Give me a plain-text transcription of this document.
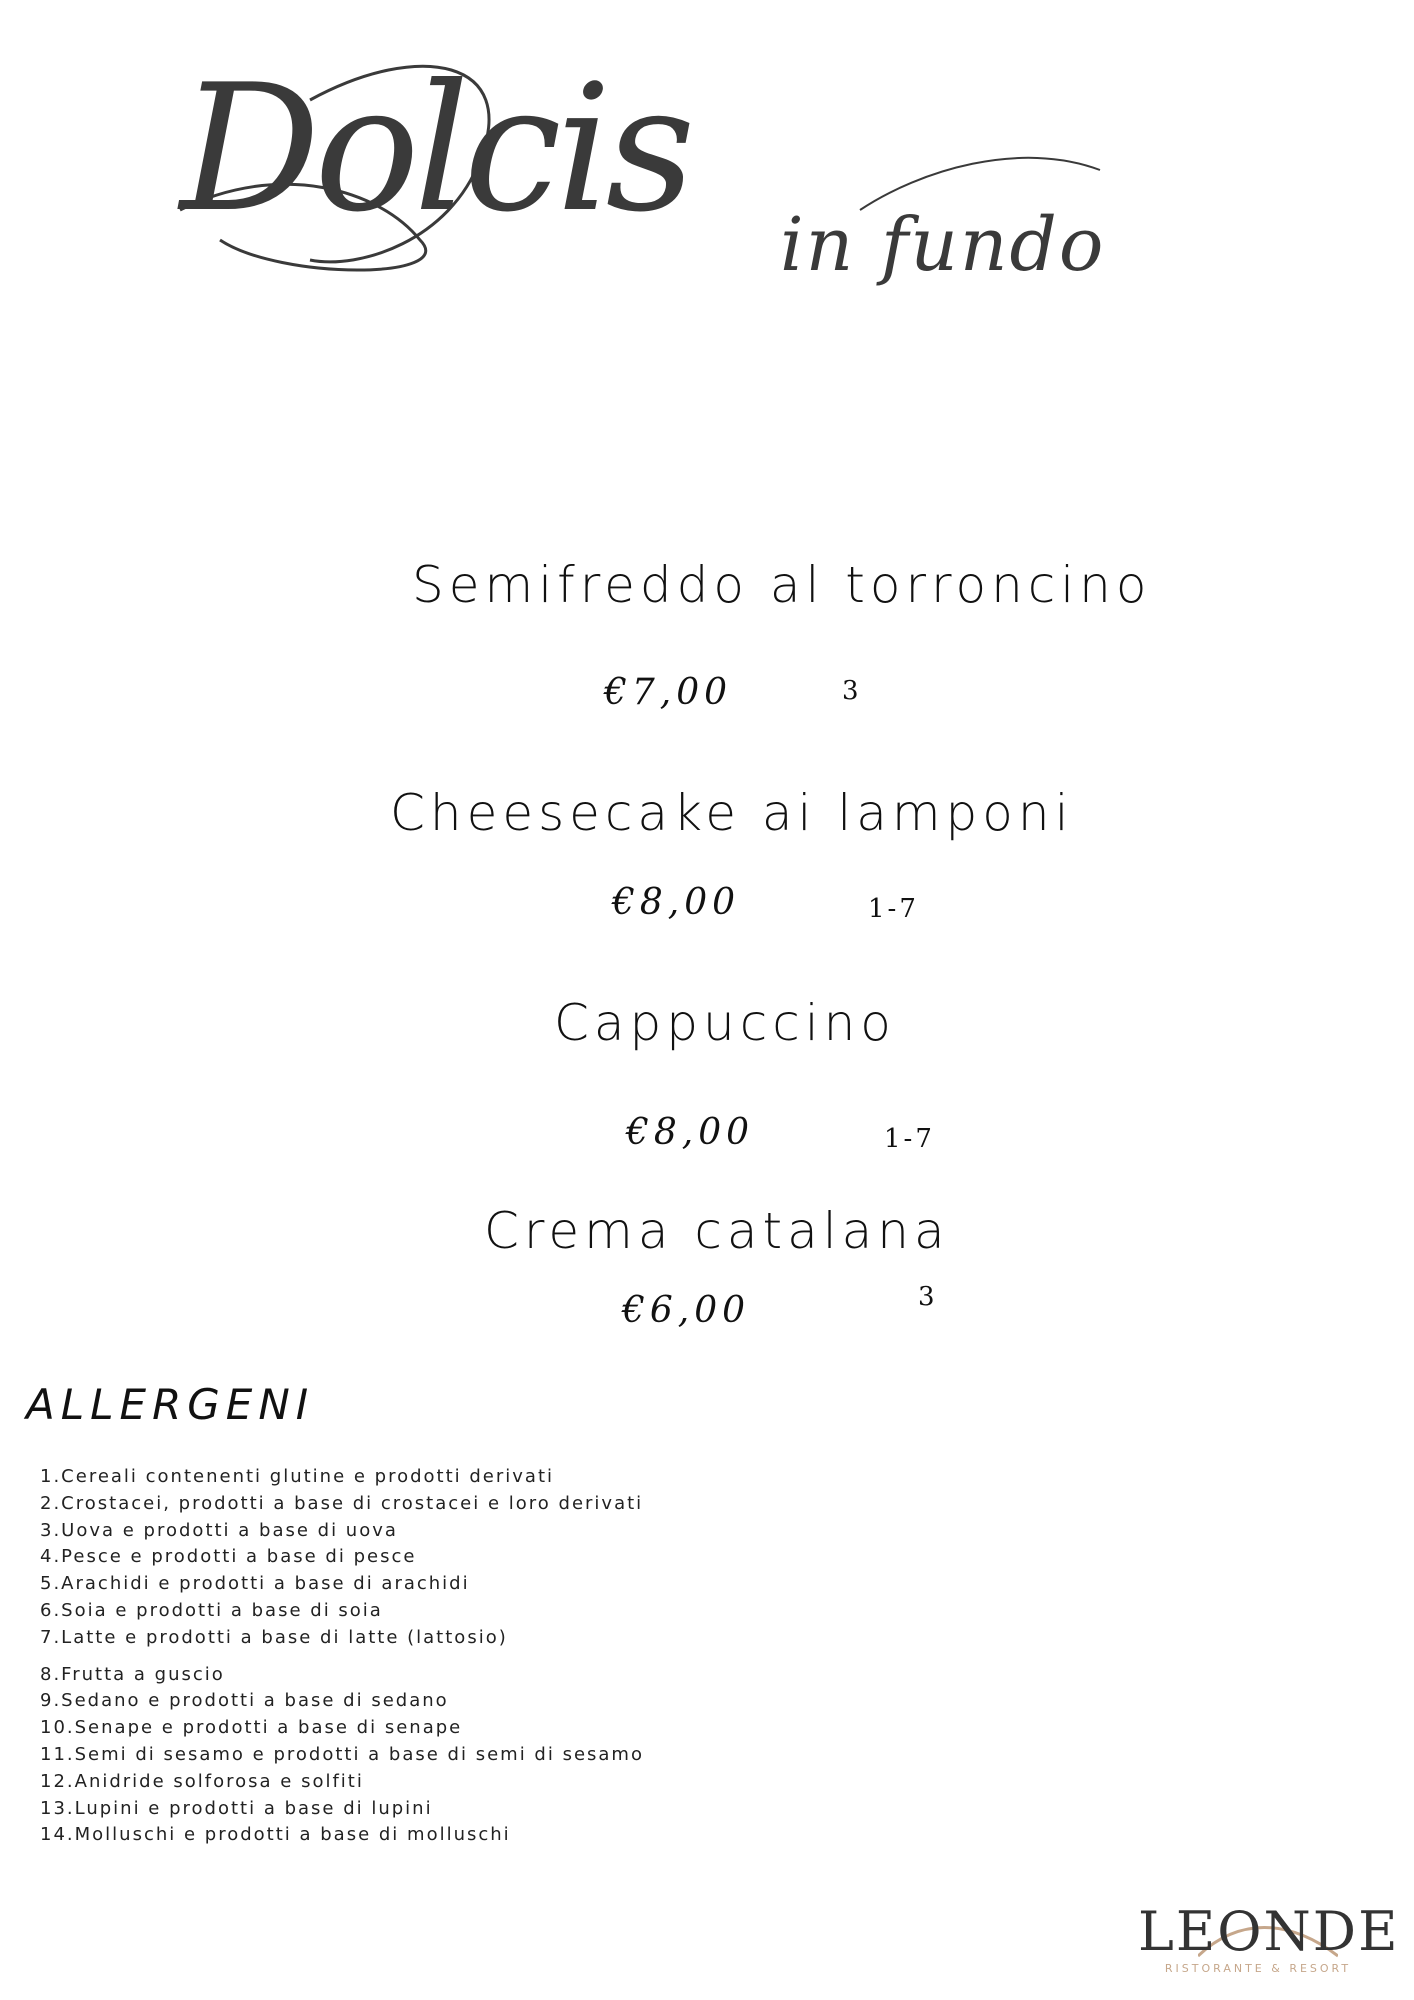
Dolcis	in fundo
Semifreddo al torroncino
€7,00	3
Cheesecake ai lamponi
€8,00	1-7
Cappuccino
€8,00	1-7
Crema catalana
€6,00	3
ALLERGENI
1.Cereali contenenti glutine e prodotti derivati
2.Crostacei, prodotti a base di crostacei e loro derivati
3.Uova e prodotti a base di uova
4.Pesce e prodotti a base di pesce
5.Arachidi e prodotti a base di arachidi
6.Soia e prodotti a base di soia
7.Latte e prodotti a base di latte (lattosio)
8.Frutta a guscio
9.Sedano e prodotti a base di sedano
10.Senape e prodotti a base di senape
11.Semi di sesamo e prodotti a base di semi di sesamo
12.Anidride solforosa e solfiti
13.Lupini e prodotti a base di lupini
14.Molluschi e prodotti a base di molluschi
LEONDE
RISTORANTE & RESORT
